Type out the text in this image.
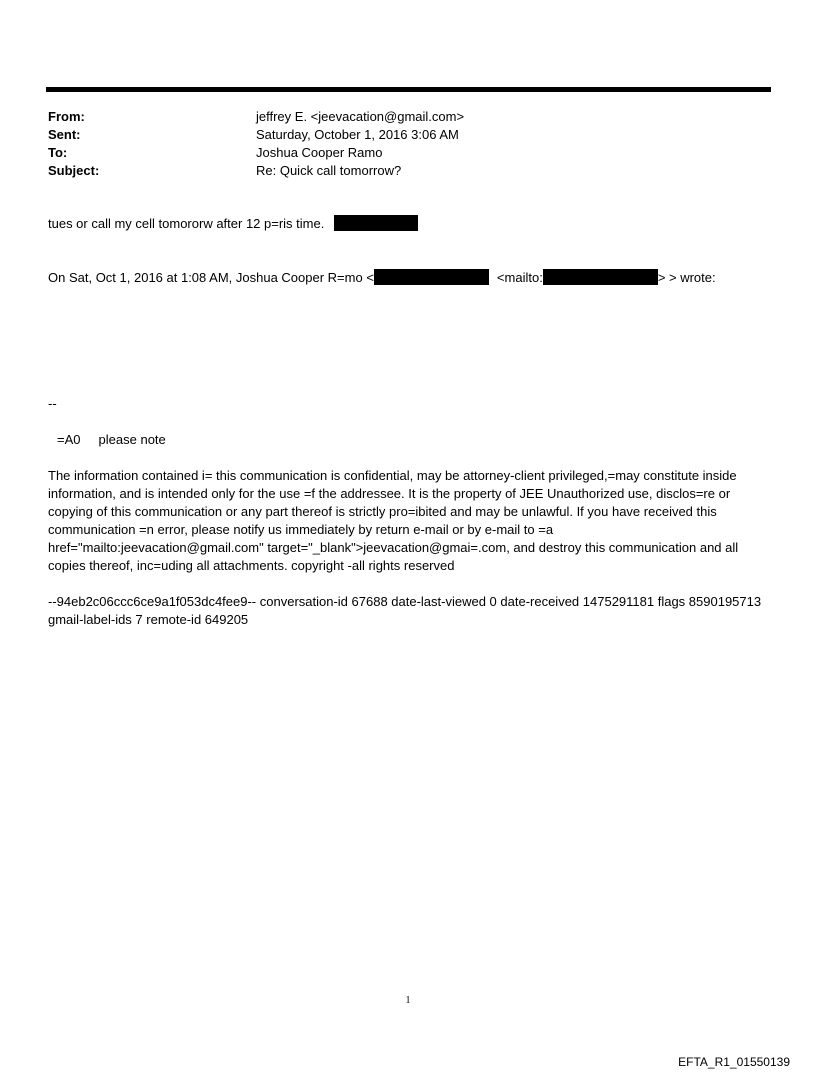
From:	jeffrey E. <jeevacation@gmail.com>
Sent:	Saturday, October 1, 2016 3:06 AM
To:	Joshua Cooper Ramo
Subject:	Re: Quick call tomorrow?
tues or call my cell tomororw after 12 p=ris time.
On Sat, Oct 1, 2016 at 1:08 AM, Joshua Cooper R=mo <	<mailto:	> > wrote:
--
=A0     please note
The information contained i= this communication is confidential, may be attorney-client privileged,=may constitute inside information, and is intended only for the use =f the addressee. It is the property of JEE Unauthorized use, disclos=re or copying of this communication or any part thereof is strictly pro=ibited and may be unlawful. If you have received this communication =n error, please notify us immediately by return e-mail or by e-mail to =a href="mailto:jeevacation@gmail.com" target="_blank">jeevacation@gmai=.com, and destroy this communication and all copies thereof, inc=uding all attachments. copyright -all rights reserved
--94eb2c06ccc6ce9a1f053dc4fee9-- conversation-id 67688 date-last-viewed 0 date-received 1475291181 flags 8590195713 gmail-label-ids 7 remote-id 649205
1
EFTA_R1_01550139
